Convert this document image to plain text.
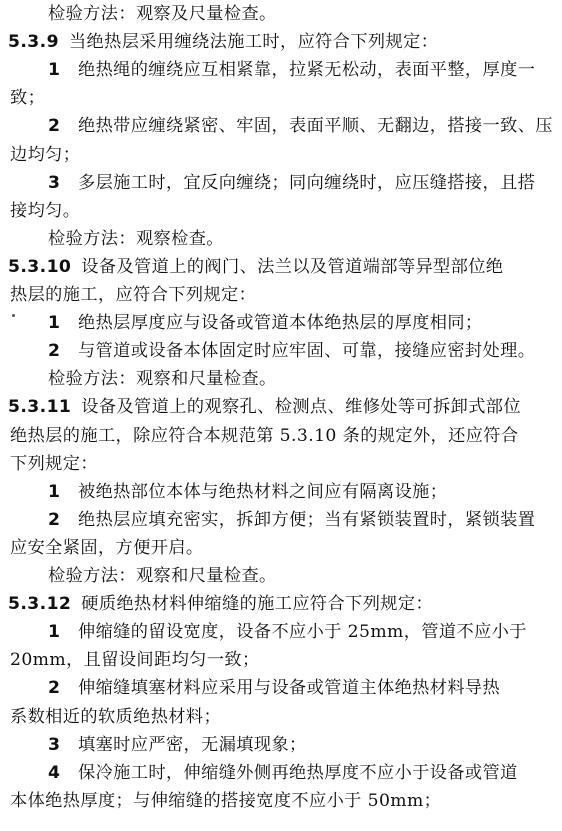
检验方法：观察及尺量检查。
5.3.9 当绝热层采用缠绕法施工时，应符合下列规定：
1 绝热绳的缠绕应互相紧靠，拉紧无松动，表面平整，厚度一
致；
2 绝热带应缠绕紧密、牢固，表面平顺、无翻边，搭接一致、压
边均匀；
3 多层施工时，宜反向缠绕；同向缠绕时，应压缝搭接，且搭
接均匀。
检验方法：观察检查。
5.3.10 设备及管道上的阀门、法兰以及管道端部等异型部位绝
热层的施工，应符合下列规定：
1 绝热层厚度应与设备或管道本体绝热层的厚度相同；
2 与管道或设备本体固定时应牢固、可靠，接缝应密封处理。
检验方法：观察和尺量检查。
5.3.11 设备及管道上的观察孔、检测点、维修处等可拆卸式部位
绝热层的施工，除应符合本规范第 5.3.10 条的规定外，还应符合
下列规定：
1 被绝热部位本体与绝热材料之间应有隔离设施；
2 绝热层应填充密实，拆卸方便；当有紧锁装置时，紧锁装置
应安全紧固，方便开启。
检验方法：观察和尺量检查。
5.3.12 硬质绝热材料伸缩缝的施工应符合下列规定：
1 伸缩缝的留设宽度，设备不应小于 25mm，管道不应小于
20mm，且留设间距均匀一致；
2 伸缩缝填塞材料应采用与设备或管道主体绝热材料导热
系数相近的软质绝热材料；
3 填塞时应严密，无漏填现象；
4 保冷施工时，伸缩缝外侧再绝热厚度不应小于设备或管道
本体绝热厚度；与伸缩缝的搭接宽度不应小于 50mm；
